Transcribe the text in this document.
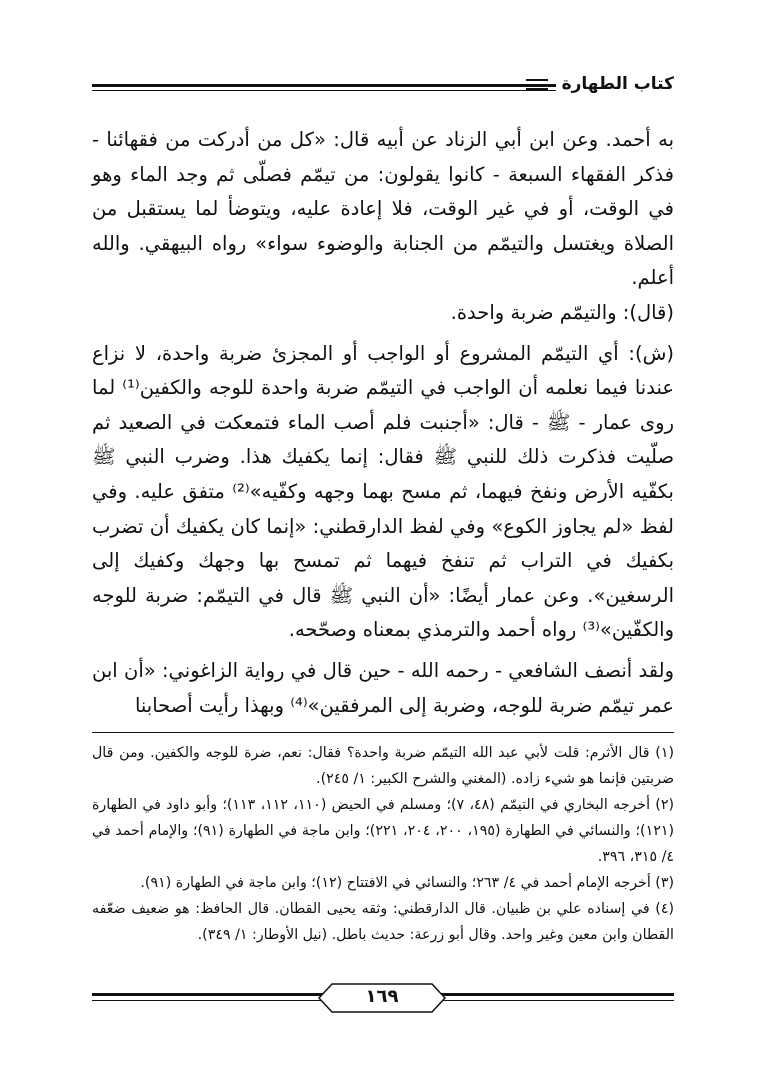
كتاب الطهارة

به أحمد. وعن ابن أبي الزناد عن أبيه قال: «كل من أدركت من فقهائنا - فذكر الفقهاء السبعة - كانوا يقولون: من تيمّم فصلّى ثم وجد الماء وهو في الوقت، أو في غير الوقت، فلا إعادة عليه، ويتوضأ لما يستقبل من الصلاة ويغتسل والتيمّم من الجنابة والوضوء سواء» رواه البيهقي. والله أعلم.

(قال): والتيمّم ضربة واحدة.

(ش): أي التيمّم المشروع أو الواجب أو المجزئ ضربة واحدة، لا نزاع عندنا فيما نعلمه أن الواجب في التيمّم ضربة واحدة للوجه والكفين⁽¹⁾ لما روى عمار - ﷺ - قال: «أجنبت فلم أصب الماء فتمعكت في الصعيد ثم صلّيت فذكرت ذلك للنبي ﷺ فقال: إنما يكفيك هذا. وضرب النبي ﷺ بكفّيه الأرض ونفخ فيهما، ثم مسح بهما وجهه وكفّيه»⁽²⁾ متفق عليه. وفي لفظ «لم يجاوز الكوع» وفي لفظ الدارقطني: «إنما كان يكفيك أن تضرب بكفيك في التراب ثم تنفخ فيهما ثم تمسح بها وجهك وكفيك إلى الرسغين». وعن عمار أيضًا: «أن النبي ﷺ قال في التيمّم: ضربة للوجه والكفّين»⁽³⁾ رواه أحمد والترمذي بمعناه وصحّحه.

ولقد أنصف الشافعي - رحمه الله - حين قال في رواية الزاغوني: «أن ابن عمر تيمّم ضربة للوجه، وضربة إلى المرفقين»⁽⁴⁾ وبهذا رأيت أصحابنا

(١) قال الأثرم: قلت لأبي عبد الله التيمّم ضربة واحدة؟ فقال: نعم، ضرة للوجه والكفين. ومن قال ضربتين فإنما هو شيء زاده. (المغني والشرح الكبير: ١/ ٢٤٥).

(٢) أخرجه البخاري في التيمّم (٤٨، ٧)؛ ومسلم في الحيض (١١٠، ١١٢، ١١٣)؛ وأبو داود في الطهارة (١٢١)؛ والنسائي في الطهارة (١٩٥، ٢٠٠، ٢٠٤، ٢٢١)؛ وابن ماجة في الطهارة (٩١)؛ والإمام أحمد في ٤/ ٣١٥، ٣٩٦.

(٣) أخرجه الإمام أحمد في ٤/ ٢٦٣؛ والنسائي في الافتتاح (١٢)؛ وابن ماجة في الطهارة (٩١).

(٤) في إسناده علي بن ظبيان. قال الدارقطني: وثقه يحيى القطان. قال الحافظ: هو ضعيف ضعّفه القطان وابن معين وغير واحد. وقال أبو زرعة: حديث باطل. (نيل الأوطار: ١/ ٣٤٩).

١٦٩
